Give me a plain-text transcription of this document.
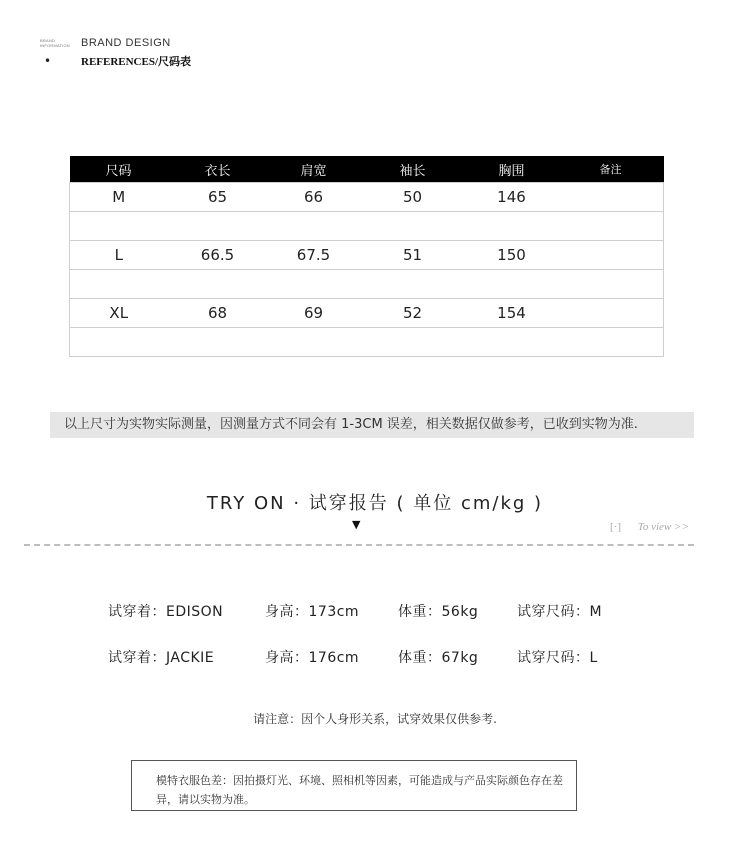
BRAND
INFORMATION
•
BRAND DESIGN
REFERENCES/尺码表
尺码	衣长	肩宽	袖长	胸围	备注
M	65	66	50	146	

L	66.5	67.5	51	150	

XL	68	69	52	154	

以上尺寸为实物实际测量，因测量方式不同会有 1-3CM 误差，相关数据仅做参考，已收到实物为准.
TRY ON · 试穿报告 ( 单位 cm/kg )
▼	[·] To view >>
试穿着：EDISON	身高：173cm	体重：56kg	试穿尺码：M
试穿着：JACKIE	身高：176cm	体重：67kg	试穿尺码：L
请注意：因个人身形关系，试穿效果仅供参考.

模特衣服色差：因拍摄灯光、环境、照相机等因素，可能造成与产品实际颜色存在差异，请以实物为准。
